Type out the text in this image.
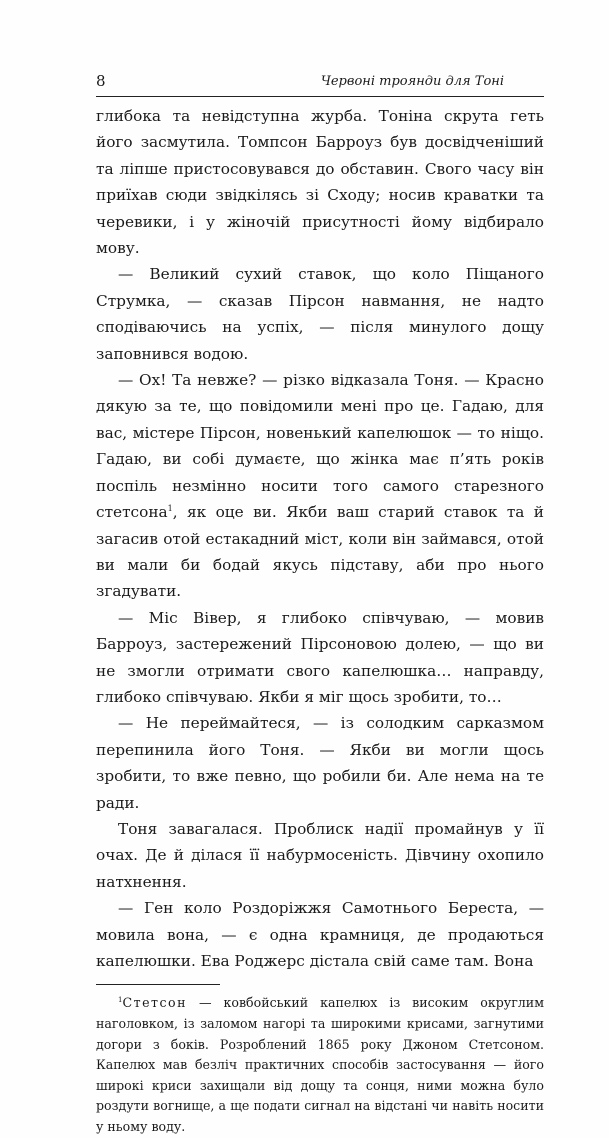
8	Червоні троянди для Тоні

глибока та невідступна журба. Тоніна скрута геть його засмутила. Томпсон Барроуз був досвідченіший та ліпше пристосовувався до обставин. Свого часу він приїхав сюди звідкілясь зі Сходу; носив краватки та черевики, і у жіночій присутності йому відбирало мову.

— Великий сухий ставок, що коло Піщаного Струмка, — сказав Пірсон навмання, не надто сподіваючись на успіх, — після минулого дощу заповнився водою.

— Ох! Та невже? — різко відказала Тоня. — Красно дякую за те, що повідомили мені про це. Гадаю, для вас, містере Пірсон, новенький капелюшок — то ніщо. Гадаю, ви собі думаєте, що жінка має п’ять років поспіль незмінно носити того самого старезного стетсона$^1$, як оце ви. Якби ваш старий ставок та й загасив отой естакадний міст, коли він займався, отой ви мали би бодай якусь підставу, аби про нього згадувати.

— Міс Вівер, я глибоко співчуваю, — мовив Барроуз, застережений Пірсоновою долею, — що ви не змогли отримати свого капелюшка… направду, глибоко співчуваю. Якби я міг щось зробити, то…

— Не переймайтеся, — із солодким сарказмом перепинила його Тоня. — Якби ви могли щось зробити, то вже певно, що робили би. Але нема на те ради.

Тоня завагалася. Проблиск надії промайнув у її очах. Де й ділася її набурмосеність. Дівчину охопило натхнення.

— Ген коло Роздоріжжя Самотнього Береста, — мовила вона, — є одна крамниця, де продаються капелюшки. Ева Роджерс дістала свій саме там. Вона

$^1$Стетсон — ковбойський капелюх із високим округлим наголовком, із заломом нагорі та широкими крисами, загнутими догори з боків. Розроблений 1865 року Джоном Стетсоном. Капелюх мав безліч практичних способів застосування — його широкі криси захищали від дощу та сонця, ними можна було роздути вогнище, а ще подати сигнал на відстані чи навіть носити у ньому воду.
